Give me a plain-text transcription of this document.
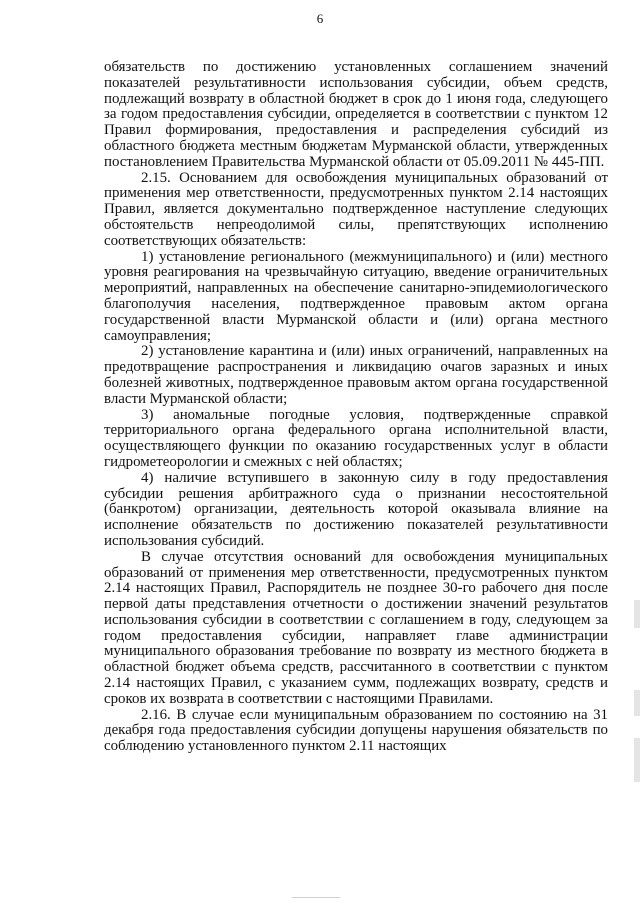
6

обязательств по достижению установленных соглашением значений показателей результативности использования субсидии, объем средств, подлежащий возврату в областной бюджет в срок до 1 июня года, следующего за годом предоставления субсидии, определяется в соответствии с пунктом 12 Правил формирования, предоставления и распределения субсидий из областного бюджета местным бюджетам Мурманской области, утвержденных постановлением Правительства Мурманской области от 05.09.2011 № 445-ПП.

2.15. Основанием для освобождения муниципальных образований от применения мер ответственности, предусмотренных пунктом 2.14 настоящих Правил, является документально подтвержденное наступление следующих обстоятельств непреодолимой силы, препятствующих исполнению соответствующих обязательств:

1) установление регионального (межмуниципального) и (или) местного уровня реагирования на чрезвычайную ситуацию, введение ограничительных мероприятий, направленных на обеспечение санитарно-эпидемиологического благополучия населения, подтвержденное правовым актом органа государственной власти Мурманской области и (или) органа местного самоуправления;

2) установление карантина и (или) иных ограничений, направленных на предотвращение распространения и ликвидацию очагов заразных и иных болезней животных, подтвержденное правовым актом органа государственной власти Мурманской области;

3) аномальные погодные условия, подтвержденные справкой территориального органа федерального органа исполнительной власти, осуществляющего функции по оказанию государственных услуг в области гидрометеорологии и смежных с ней областях;

4) наличие вступившего в законную силу в году предоставления субсидии решения арбитражного суда о признании несостоятельной (банкротом) организации, деятельность которой оказывала влияние на исполнение обязательств по достижению показателей результативности использования субсидий.

В случае отсутствия оснований для освобождения муниципальных образований от применения мер ответственности, предусмотренных пунктом 2.14 настоящих Правил, Распорядитель не позднее 30-го рабочего дня после первой даты представления отчетности о достижении значений результатов использования субсидии в соответствии с соглашением в году, следующем за годом предоставления субсидии, направляет главе администрации муниципального образования требование по возврату из местного бюджета в областной бюджет объема средств, рассчитанного в соответствии с пунктом 2.14 настоящих Правил, с указанием сумм, подлежащих возврату, средств и сроков их возврата в соответствии с настоящими Правилами.

2.16. В случае если муниципальным образованием по состоянию на 31 декабря года предоставления субсидии допущены нарушения обязательств по соблюдению установленного пунктом 2.11 настоящих
